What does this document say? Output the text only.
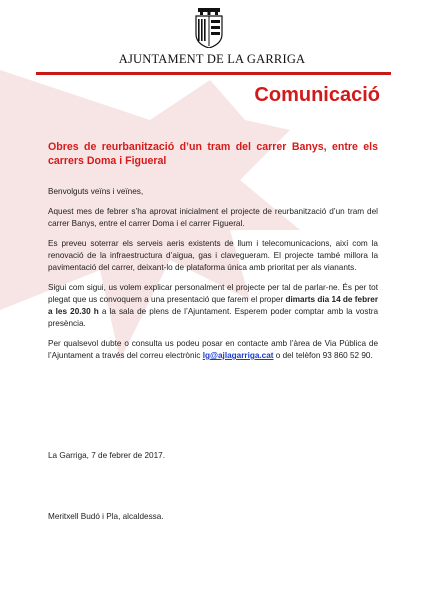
AJUNTAMENT DE LA GARRIGA
Comunicació
Obres de reurbanització d’un tram del carrer Banys, entre els carrers Doma i Figueral

Benvolguts veïns i veïnes,

Aquest mes de febrer s’ha aprovat inicialment el projecte de reurbanització d’un tram del carrer Banys, entre el carrer Doma i el carrer Figueral.

Es preveu soterrar els serveis aeris existents de llum i telecomunicacions, així com la renovació de la infraestructura d’aigua, gas i clavegueram. El projecte també millora la pavimentació del carrer, deixant-lo de plataforma única amb prioritat per als vianants.

Sigui com sigui, us volem explicar personalment el projecte per tal de parlar-ne. És per tot plegat que us convoquem a una presentació que farem el proper dimarts dia 14 de febrer a les 20.30 h a la sala de plens de l’Ajuntament. Esperem poder comptar amb la vostra presència.

Per qualsevol dubte o consulta us podeu posar en contacte amb l’àrea de Via Pública de l’Ajuntament a través del correu electrònic lg@ajlagarriga.cat o del telèfon 93 860 52 90.

La Garriga, 7 de febrer de 2017.
Meritxell Budó i Pla, alcaldessa.
